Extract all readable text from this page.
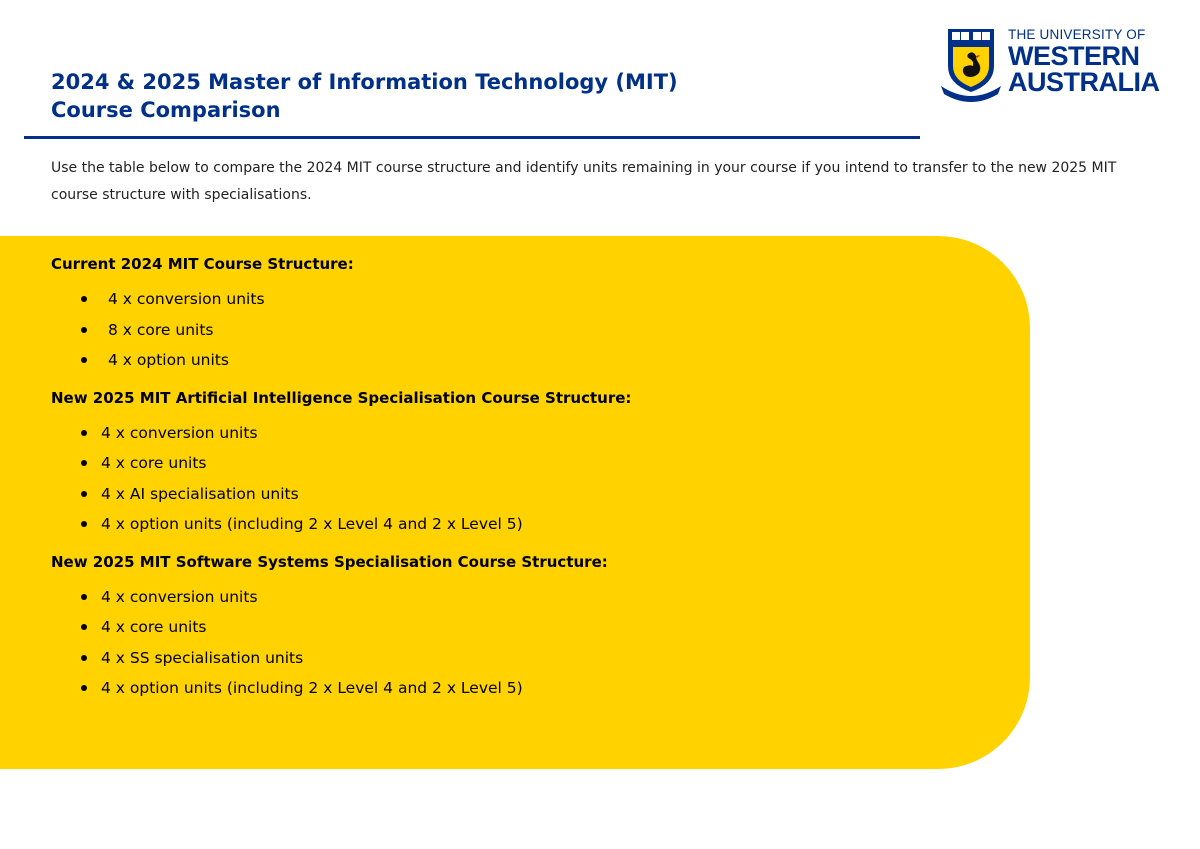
2024 & 2025 Master of Information Technology (MIT)
Course Comparison
THE UNIVERSITY OF
WESTERN
AUSTRALIA

Use the table below to compare the 2024 MIT course structure and identify units remaining in your course if you intend to transfer to the new 2025 MIT course structure with specialisations.

Current 2024 MIT Course Structure:
4 x conversion units
8 x core units
4 x option units
New 2025 MIT Artificial Intelligence Specialisation Course Structure:
4 x conversion units
4 x core units
4 x AI specialisation units
4 x option units (including 2 x Level 4 and 2 x Level 5)
New 2025 MIT Software Systems Specialisation Course Structure:
4 x conversion units
4 x core units
4 x SS specialisation units
4 x option units (including 2 x Level 4 and 2 x Level 5)
